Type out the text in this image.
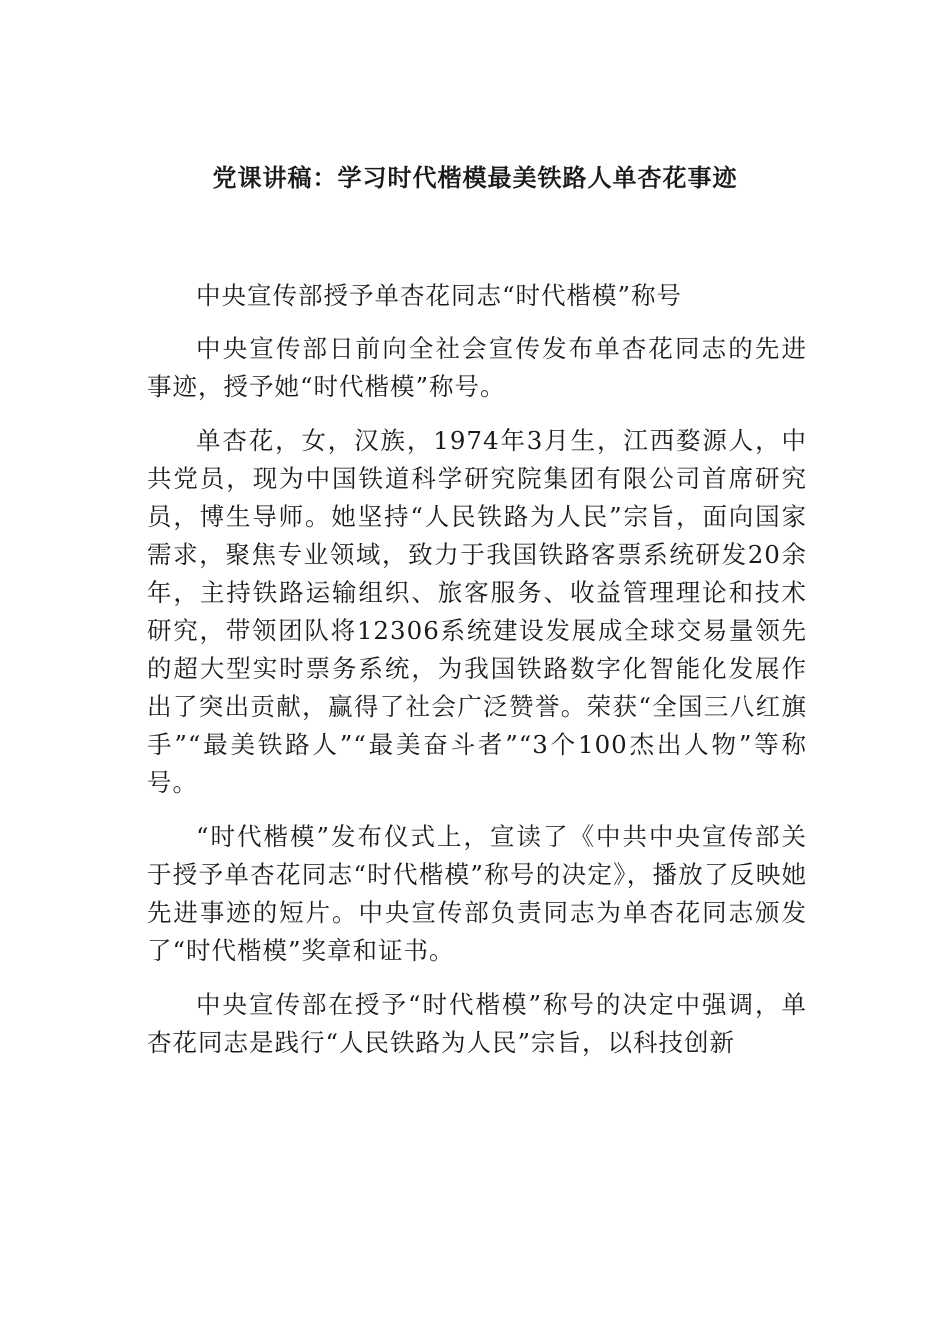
党课讲稿：学习时代楷模最美铁路人单杏花事迹

中央宣传部授予单杏花同志“时代楷模”称号

中央宣传部日前向全社会宣传发布单杏花同志的先进事迹，授予她“时代楷模”称号。

单杏花，女，汉族，1974年3月生，江西婺源人，中共党员，现为中国铁道科学研究院集团有限公司首席研究员，博生导师。她坚持“人民铁路为人民”宗旨，面向国家需求，聚焦专业领域，致力于我国铁路客票系统研发20余年，主持铁路运输组织、旅客服务、收益管理理论和技术研究，带领团队将12306系统建设发展成全球交易量领先的超大型实时票务系统，为我国铁路数字化智能化发展作出了突出贡献，赢得了社会广泛赞誉。荣获“全国三八红旗手”“最美铁路人”“最美奋斗者”“3个100杰出人物”等称号。

“时代楷模”发布仪式上，宣读了《中共中央宣传部关于授予单杏花同志“时代楷模”称号的决定》，播放了反映她先进事迹的短片。中央宣传部负责同志为单杏花同志颁发了“时代楷模”奖章和证书。

中央宣传部在授予“时代楷模”称号的决定中强调，单杏花同志是践行“人民铁路为人民”宗旨，以科技创新
